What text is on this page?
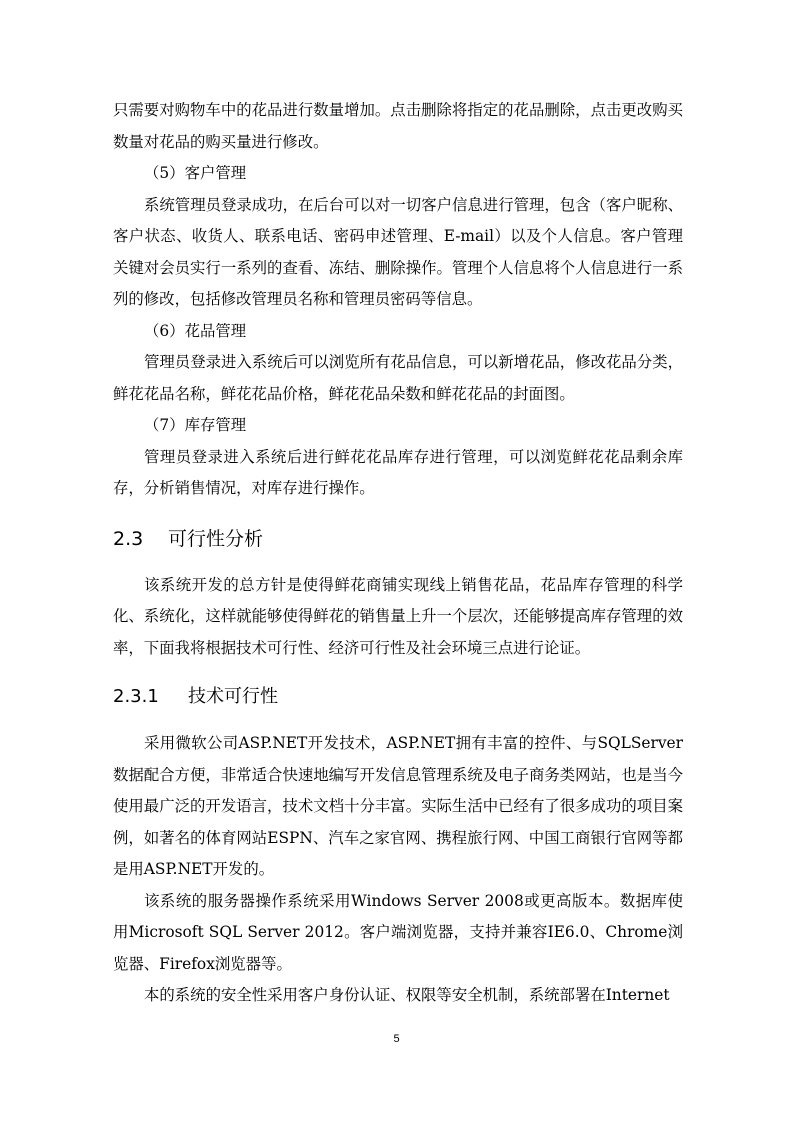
只需要对购物车中的花品进行数量增加。点击删除将指定的花品删除，点击更改购买数量对花品的购买量进行修改。

（5）客户管理

系统管理员登录成功，在后台可以对一切客户信息进行管理，包含（客户昵称、客户状态、收货人、联系电话、密码申述管理、E-mail）以及个人信息。客户管理关键对会员实行一系列的查看、冻结、删除操作。管理个人信息将个人信息进行一系列的修改，包括修改管理员名称和管理员密码等信息。

（6）花品管理

管理员登录进入系统后可以浏览所有花品信息，可以新增花品，修改花品分类，鲜花花品名称，鲜花花品价格，鲜花花品朵数和鲜花花品的封面图。

（7）库存管理

管理员登录进入系统后进行鲜花花品库存进行管理，可以浏览鲜花花品剩余库存，分析销售情况，对库存进行操作。

2.3	可行性分析

该系统开发的总方针是使得鲜花商铺实现线上销售花品，花品库存管理的科学化、系统化，这样就能够使得鲜花的销售量上升一个层次，还能够提高库存管理的效率，下面我将根据技术可行性、经济可行性及社会环境三点进行论证。

2.3.1	技术可行性

采用微软公司ASP.NET开发技术，ASP.NET拥有丰富的控件、与SQLServer数据配合方便，非常适合快速地编写开发信息管理系统及电子商务类网站，也是当今使用最广泛的开发语言，技术文档十分丰富。实际生活中已经有了很多成功的项目案例，如著名的体育网站ESPN、汽车之家官网、携程旅行网、中国工商银行官网等都是用ASP.NET开发的。

该系统的服务器操作系统采用Windows Server 2008或更高版本。数据库使用Microsoft SQL Server 2012。客户端浏览器，支持并兼容IE6.0、Chrome浏览器、Firefox浏览器等。

本的系统的安全性采用客户身份认证、权限等安全机制，系统部署在Internet

5
